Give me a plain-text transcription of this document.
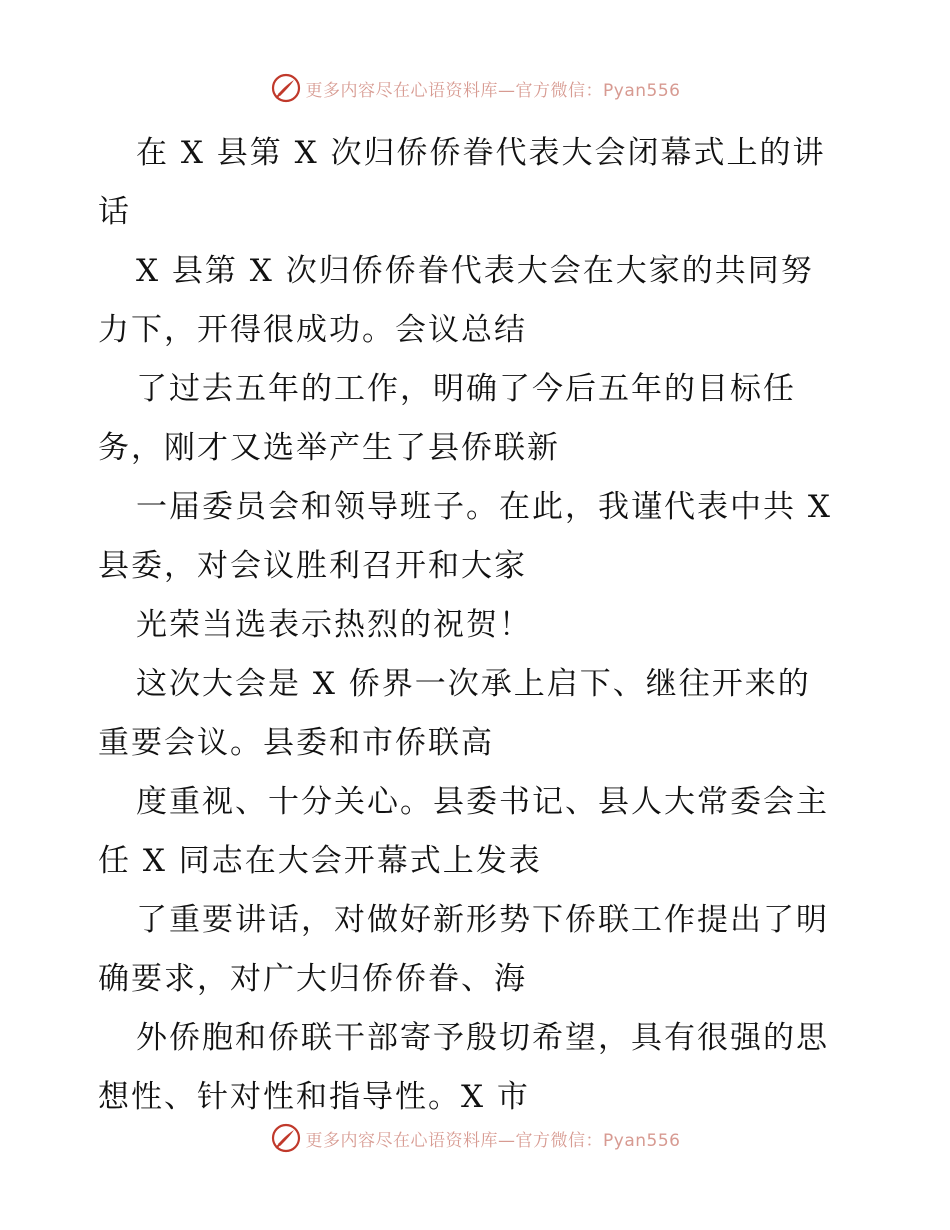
更多内容尽在心语资料库—官方微信：Pyan556
在 X 县第 X 次归侨侨眷代表大会闭幕式上的讲
话
X 县第 X 次归侨侨眷代表大会在大家的共同努
力下，开得很成功。会议总结
了过去五年的工作，明确了今后五年的目标任
务，刚才又选举产生了县侨联新
一届委员会和领导班子。在此，我谨代表中共 X
县委，对会议胜利召开和大家
光荣当选表示热烈的祝贺！
这次大会是 X 侨界一次承上启下、继往开来的
重要会议。县委和市侨联高
度重视、十分关心。县委书记、县人大常委会主
任 X 同志在大会开幕式上发表
了重要讲话，对做好新形势下侨联工作提出了明
确要求，对广大归侨侨眷、海
外侨胞和侨联干部寄予殷切希望，具有很强的思
想性、针对性和指导性。X 市
更多内容尽在心语资料库—官方微信：Pyan556
